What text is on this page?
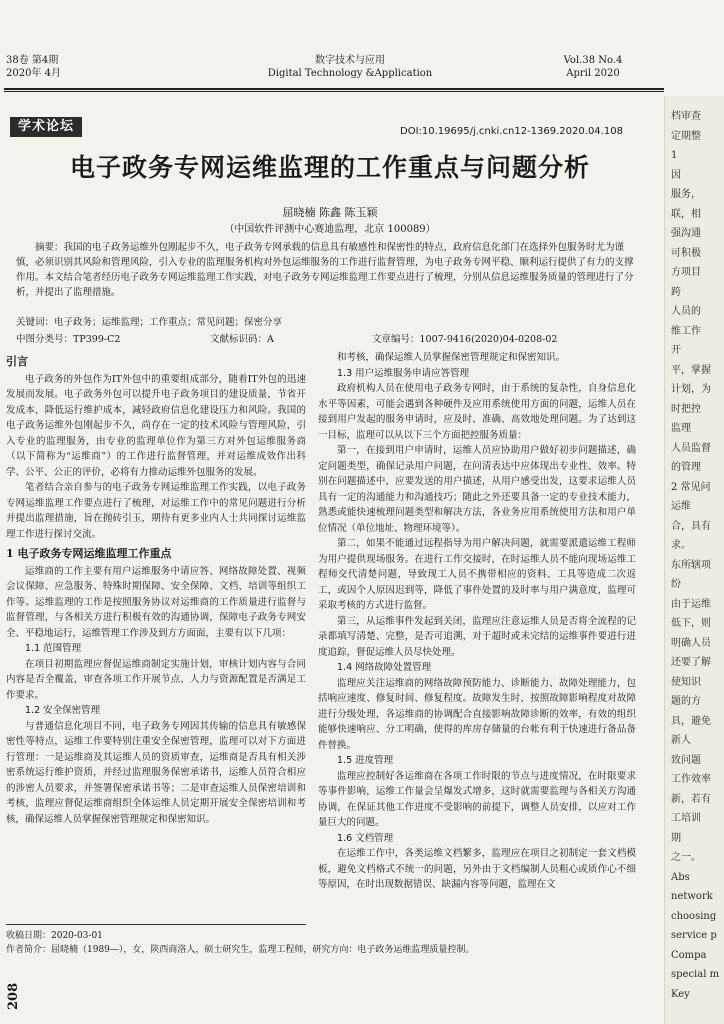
38卷 第4期
2020年 4月
数字技术与应用
Digital Technology &Application
Vol.38 No.4
April 2020
学术论坛	DOI:10.19695/j.cnki.cn12-1369.2020.04.108
电子政务专网运维监理的工作重点与问题分析
屈晓楠 陈鑫 陈玉颖
（中国软件评测中心赛迪监理，北京 100089）
摘要：我国的电子政务运维外包刚起步不久，电子政务专网承载的信息具有敏感性和保密性的特点，政府信息化部门在选择外包服务时尤为谨慎，必须识别其风险和管理风险，引入专业的监理服务机构对外包运维服务的工作进行监督管理，为电子政务专网平稳、顺利运行提供了有力的支撑作用。本文结合笔者经历电子政务专网运维监理工作实践，对电子政务专网运维监理工作要点进行了梳理，分别从信息运维服务质量的管理进行了分析，并提出了监理措施。
关键词：电子政务；运维监理；工作重点；常见问题；保密分享
中图分类号：TP399-C2	文献标识码：A	文章编号：1007-9416(2020)04-0208-02
引言

电子政务的外包作为IT外包中的重要组成部分，随着IT外包的迅速发展而发展。电子政务外包可以提升电子政务项目的建设质量，节省开发成本，降低运行维护成本，减轻政府信息化建设压力和风险。我国的电子政务运维外包刚起步不久，尚存在一定的技术风险与管理风险，引入专业的监理服务，由专业的监理单位作为第三方对外包运维服务商（以下简称为“运维商”）的工作进行监督管理，并对运维成效作出科学、公平、公正的评价，必将有力推动运维外包服务的发展。

笔者结合亲自参与的电子政务专网运维监理工作实践，以电子政务专网运维监理工作要点进行了梳理，对运维工作中的常见问题进行分析并提出监理措施，旨在抛砖引玉，期待有更多业内人士共同探讨运维监理工作进行探讨交流。

1 电子政务专网运维监理工作重点

运维商的工作主要有用户运维服务中请应答、网络故障处置、视频会议保障、应急服务、特殊时期保障、安全保障、文档、培训等组织工作等。运维监理的工作是按照服务协议对运维商的工作质量进行监督与监督管理，与各相关方进行积极有效的沟通协调，保障电子政务专网安全、平稳地运行，运维管理工作涉及到方方面面，主要有以下几项：

1.1 范围管理

在项目初期监理应督促运维商制定实施计划，审核计划内容与合同内容是否全覆盖，审查各项工作开展节点、人力与资源配置是否满足工作要求。

1.2 安全保密管理

与普通信息化项目不同，电子政务专网因其传输的信息具有敏感保密性等特点，运维工作要特别注重安全保密管理，监理可以对下方面进行管理：一是运维商及其运维人员的资质审查，运维商是否具有相关涉密系统运行维护资质，并经过监理服务保密承诺书，运维人员符合相应的涉密人员要求，并签署保密承诺书等；二是审查运维人员保密培训和考核，监理应督促运维商组织全体运维人员定期开展安全保密培训和考核，确保运维人员掌握保密管理规定和保密知识。

和考核，确保运维人员掌握保密管理规定和保密知识。

1.3 用户运维服务申请应答管理

政府机构人员在使用电子政务专网时，由于系统的复杂性，自身信息化水平等因素，可能会遇到各种硬件及应用系统使用方面的问题，运维人员在接到用户发起的服务申请时，应及时、准确、高效地处理问题。为了达到这一目标，监理可以从以下三个方面把控服务质量：

第一，在接到用户申请时，运维人员应协助用户做好初步问题描述，确定问题类型，确保记录用户问题，在问清表达中应体现出专业性、效率。特别在问题描述中，应要发送的用户描述，从用户感受出发，这要求运维人员具有一定的沟通能力和沟通技巧；随此之外还要具备一定的专业技术能力，熟悉或能快速梳理问题类型和解决方法，各业务应用系统使用方法和用户单位情况（单位地址、物理环境等）。

第二，如果不能通过远程指导为用户解决问题，就需要派遣运维工程师为用户提供现场服务。在进行工作交接时，在时运维人员不能向现场运维工程师交代清楚问题，导致现工人员不携带相应的资料、工具等造成二次返工，或因个人原因迟到等，降低了事件处置的及时率与用户满意度，监理可采取考核的方式进行监督。

第三，从运维事件发起到关闭，监理应注意运维人员是否将全流程的记录都填写清楚、完整，是否可追溯，对于超时或未完结的运维事件要进行进度追踪，督促运维人员尽快处理。

1.4 网络故障处置管理

监理应关注运维商的网络故障预防能力、诊断能力、故障处理能力，包括响应速度、修复时间、修复程度。故障发生时，按照故障影响程度对故障进行分级处理，各运维商的协调配合直接影响故障诊断的效率，有效的组织能够快速响应、分工明确，使得的库房存储量的台帐有利于快速进行备品备件替换。

1.5 进度管理

监理应控制好各运维商在各项工作时限的节点与进度情况，在时限要求等事件影响，运维工作量会呈爆发式增多，这时就需要监理与各相关方沟通协调，在保证其他工作进度不受影响的前提下，调整人员安排，以应对工作量巨大的问题。

1.6 文档管理

在运维工作中，各类运维文档繁多，监理应在项目之初制定一套文档模板，避免文档格式不统一的问题，另外由于文档编制人员粗心或质作心不细等原因，在时出现数据错误、缺漏内容等问题，监理在文

收稿日期：2020-03-01
作者简介：屈晓楠（1989—），女，陕西商洛人，硕士研究生，监理工程师，研究方向：电子政务运维监理质量控制。
208
档审查
定期整
1
因
服务，
联，相
强沟通
可积极
方项目
跨
人员的
维工作
开
平，掌握
计划，为
时把控
监理
人员监督
的管理
2 常见问
运维
合，具有
求。
东所辖项
纷
由于运维
低下，则
明确人员
还要了解
使知识
题的方
具，避免
新人
致问题
工作效率
新，若有
工培训
期
之一。
Abs
network
choosing
service p
Compa
special m
Key
